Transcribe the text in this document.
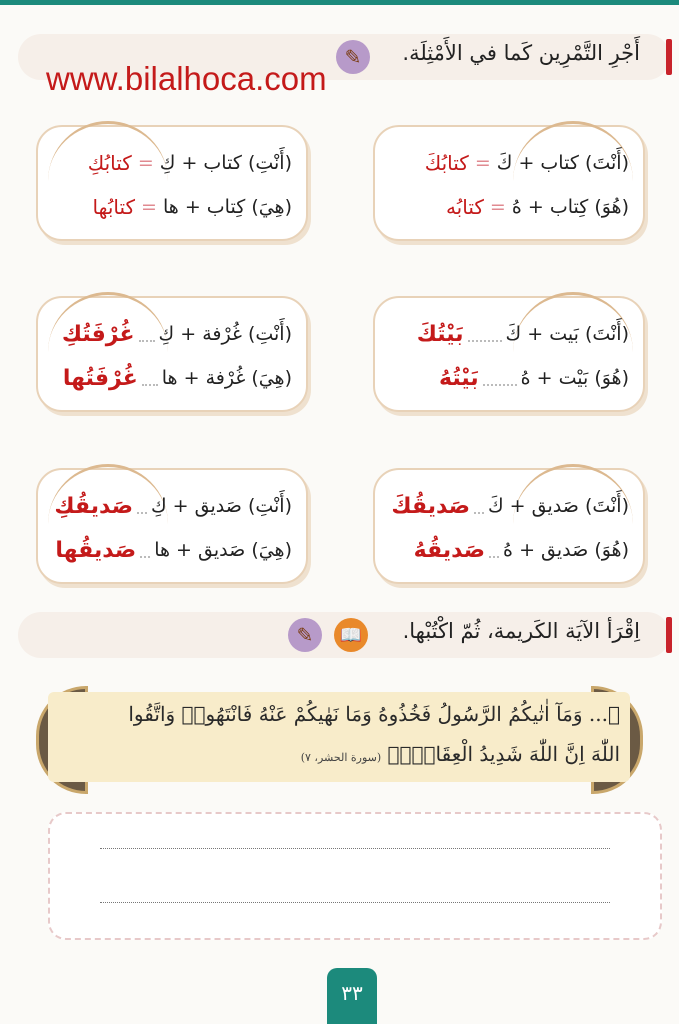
أَجْرِ التَّمْرِين كَما في الأَمْثِلَة.
✎
www.bilalhoca.com
(أَنْتَ)

كتاب

+

كَ
=
كتابُكَ
(هُوَ)

كِتاب

+

هُ
=
كتابُه
(أَنْتِ)

كتاب

+

كِ
=
كتابُكِ
(هِيَ)

كِتاب

+

ها
=
كتابُها
(أَنْتَ)

بَيت

+

كَ
بَيْتُكَ
(هُوَ)

بَيْت

+

هُ
بَيْتُهُ
(أَنْتِ)

غُرْفة

+

كِ
غُرْفَتُكِ
(هِيَ)

غُرْفة

+

ها
غُرْفَتُها
(أَنْتَ)

صَديق

+

كَ
صَديقُكَ
(هُوَ)

صَديق

+

هُ
صَديقُهُ
(أَنْتِ)

صَديق

+

كِ
صَديقُكِ
(هِيَ)

صَديق

+

ها
صَديقُها
اِقْرَأ الآيَة الكَريمة، ثُمّ اكْتُبْها.
📖
✎
﴿... وَمَآ اٰتٰيكُمُ الرَّسُولُ فَخُذُوهُ وَمَا نَهٰيكُمْ عَنْهُ فَانْتَهُواۚ وَاتَّقُوا
اللّٰهَ اِنَّ اللّٰهَ شَدِيدُ الْعِقَابِۢ﴾ (سورة الحشر، ٧)
٣٣
